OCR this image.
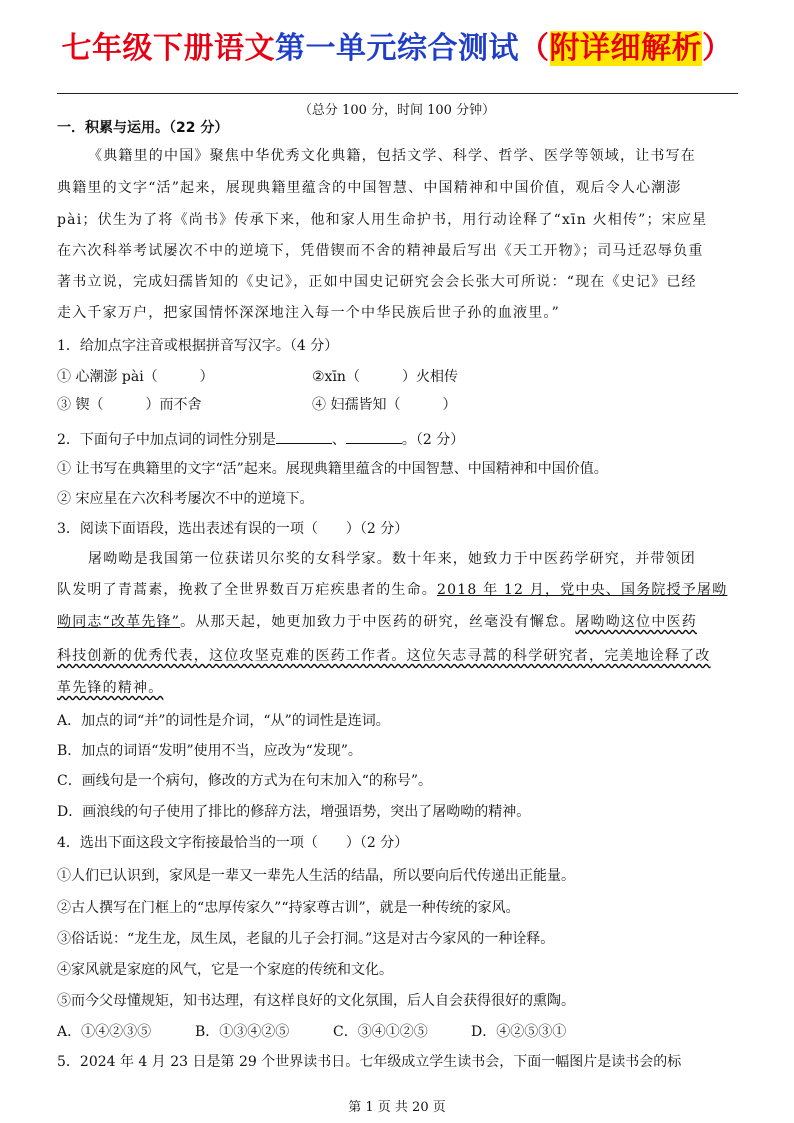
七年级下册语文第一单元综合测试（附详细解析）
（总分 100 分，时间 100 分钟）
一．积累与运用。（22 分）
《典籍里的中国》聚焦中华优秀文化典籍，包括文学、科学、哲学、医学等领域，让书写在
典籍里的文字“活”起来，展现典籍里蕴含的中国智慧、中国精神和中国价值，观后令人心潮澎
pài；伏生为了将《尚书》传承下来，他和家人用生命护书，用行动诠释了“xīn 火相传”；宋应星
在六次科举考试屡次不中的逆境下，凭借锲而不舍的精神最后写出《天工开物》；司马迁忍辱负重
著书立说，完成妇孺皆知的《史记》，正如中国史记研究会会长张大可所说：“现在《史记》已经
走入千家万户，把家国情怀深深地注入每一个中华民族后世子孙的血液里。”
1．给加点字注音或根据拼音写汉字。（4 分）
① 心潮澎 pài（　　　）	②xīn（　　　）火相传
③ 锲（　　　）而不舍	④ 妇孺皆知（　　　）
2．下面句子中加点词的词性分别是	、	。（2 分）
① 让书写在典籍里的文字“活”起来。展现典籍里蕴含的中国智慧、中国精神和中国价值。
② 宋应星在六次科考屡次不中的逆境下。
3．阅读下面语段，选出表述有误的一项（　　）（2 分）
屠呦呦是我国第一位获诺贝尔奖的女科学家。数十年来，她致力于中医药学研究，并带领团
队发明了青蒿素，挽救了全世界数百万疟疾患者的生命。2018 年 12 月，党中央、国务院授予屠呦
呦同志“改革先锋”。从那天起，她更加致力于中医药的研究，丝毫没有懈怠。屠呦呦这位中医药
科技创新的优秀代表，这位攻坚克难的医药工作者。这位矢志寻蒿的科学研究者，完美地诠释了改
革先锋的精神。
A．加点的词“并”的词性是介词，“从”的词性是连词。
B．加点的词语“发明”使用不当，应改为“发现”。
C．画线句是一个病句，修改的方式为在句末加入“的称号”。
D．画浪线的句子使用了排比的修辞方法，增强语势，突出了屠呦呦的精神。
4．选出下面这段文字衔接最恰当的一项（　　）（2 分）
①人们已认识到，家风是一辈又一辈先人生活的结晶，所以要向后代传递出正能量。
②古人撰写在门框上的“忠厚传家久”“持家尊古训”，就是一种传统的家风。
③俗话说：“龙生龙，凤生凤，老鼠的儿子会打洞。”这是对古今家风的一种诠释。
④家风就是家庭的风气，它是一个家庭的传统和文化。
⑤而今父母懂规矩，知书达理，有这样良好的文化氛围，后人自会获得很好的熏陶。
A．①④②③⑤	B．①③④②⑤	C．③④①②⑤	D．④②⑤③①
5．2024 年 4 月 23 日是第 29 个世界读书日。七年级成立学生读书会，下面一幅图片是读书会的标
第 1 页 共 20 页
